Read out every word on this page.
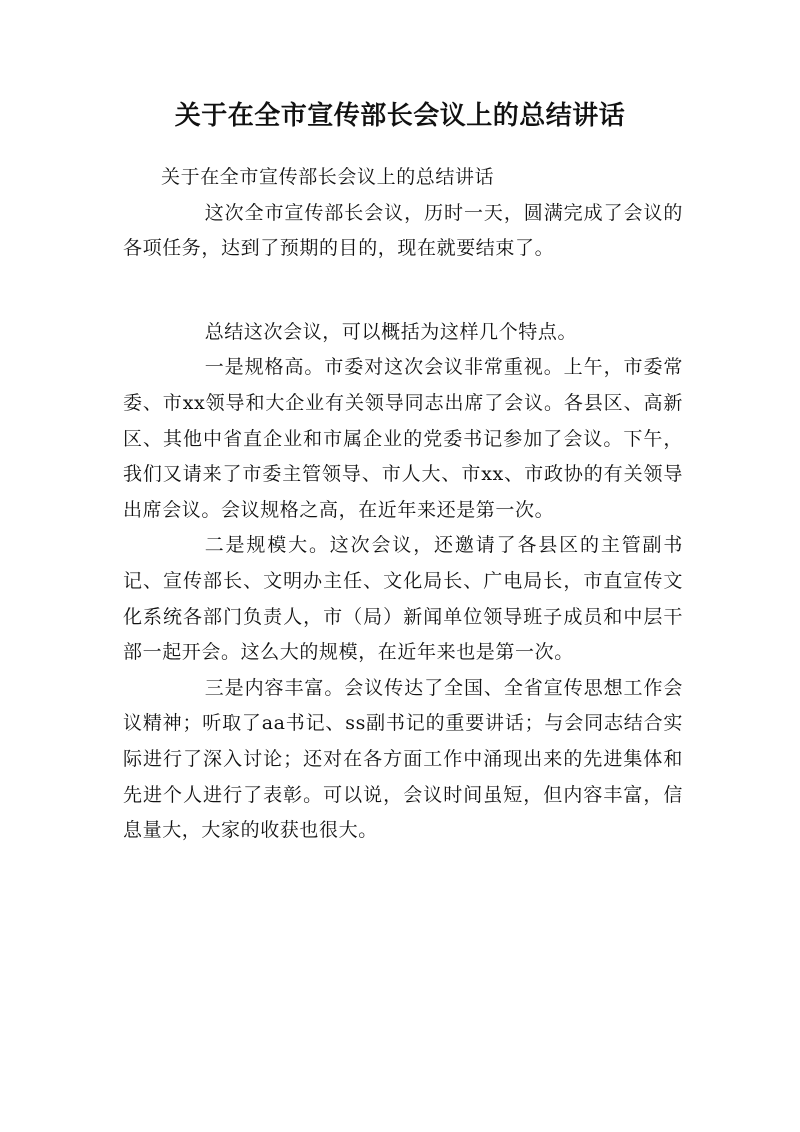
关于在全市宣传部长会议上的总结讲话

关于在全市宣传部长会议上的总结讲话

这次全市宣传部长会议，历时一天，圆满完成了会议的各项任务，达到了预期的目的，现在就要结束了。

总结这次会议，可以概括为这样几个特点。

一是规格高。市委对这次会议非常重视。上午，市委常委、市xx领导和大企业有关领导同志出席了会议。各县区、高新区、其他中省直企业和市属企业的党委书记参加了会议。下午，我们又请来了市委主管领导、市人大、市xx、市政协的有关领导出席会议。会议规格之高，在近年来还是第一次。

二是规模大。这次会议，还邀请了各县区的主管副书记、宣传部长、文明办主任、文化局长、广电局长，市直宣传文化系统各部门负责人，市（局）新闻单位领导班子成员和中层干部一起开会。这么大的规模，在近年来也是第一次。

三是内容丰富。会议传达了全国、全省宣传思想工作会议精神；听取了aa书记、ss副书记的重要讲话；与会同志结合实际进行了深入讨论；还对在各方面工作中涌现出来的先进集体和先进个人进行了表彰。可以说，会议时间虽短，但内容丰富，信息量大，大家的收获也很大。
